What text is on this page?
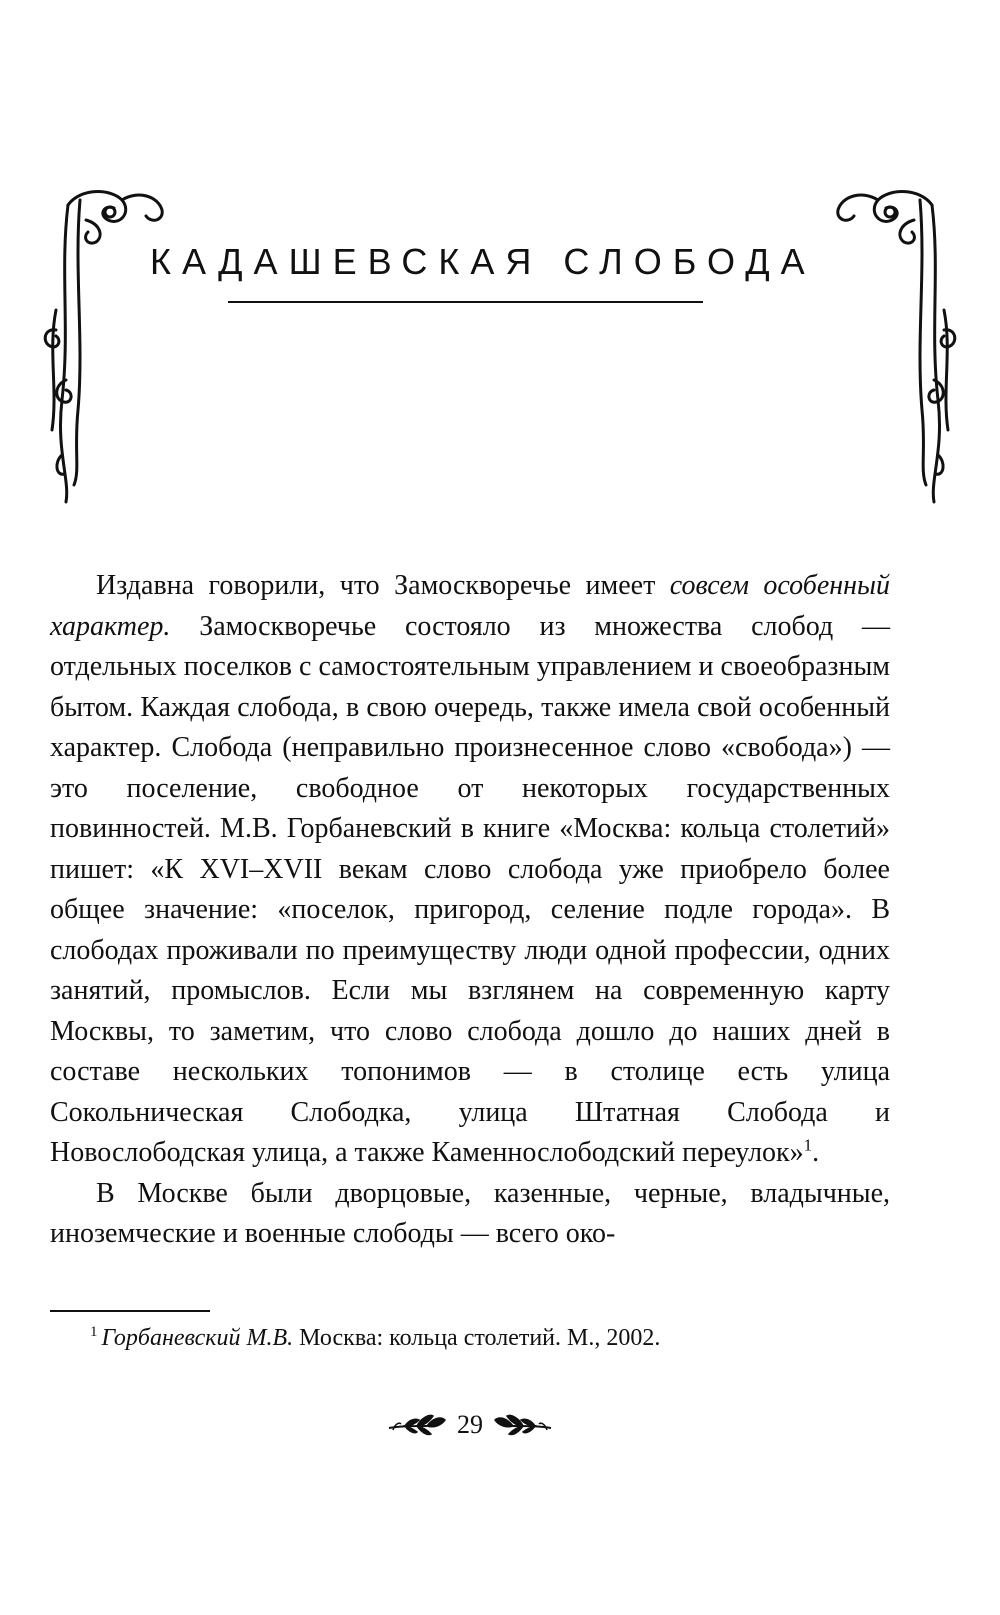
КАДАШЕВСКАЯ СЛОБОДА

Издавна говорили, что Замоскворечье имеет совсем особенный характер. Замоскворечье состояло из множества слобод — отдельных поселков с самостоятельным управлением и своеобразным бытом. Каждая слобода, в свою очередь, также имела свой особенный характер. Слобода (неправильно произнесенное слово «свобода») — это поселение, свободное от некоторых государственных повинностей. М.В. Горбаневский в книге «Москва: кольца столетий» пишет: «К XVI–XVII векам слово слобода уже приобрело более общее значение: «поселок, пригород, селение подле города». В слободах проживали по преимуществу люди одной профессии, одних занятий, промыслов. Если мы взглянем на современную карту Москвы, то заметим, что слово слобода дошло до наших дней в составе нескольких топонимов — в столице есть улица Сокольническая Слободка, улица Штатная Слобода и Новослободская улица, а также Каменнослободский переулок»$^1$.

В Москве были дворцовые, казенные, черные, владычные, иноземческие и военные слободы — всего око-

$^1$ Горбаневский М.В. Москва: кольца столетий. М., 2002.
29
